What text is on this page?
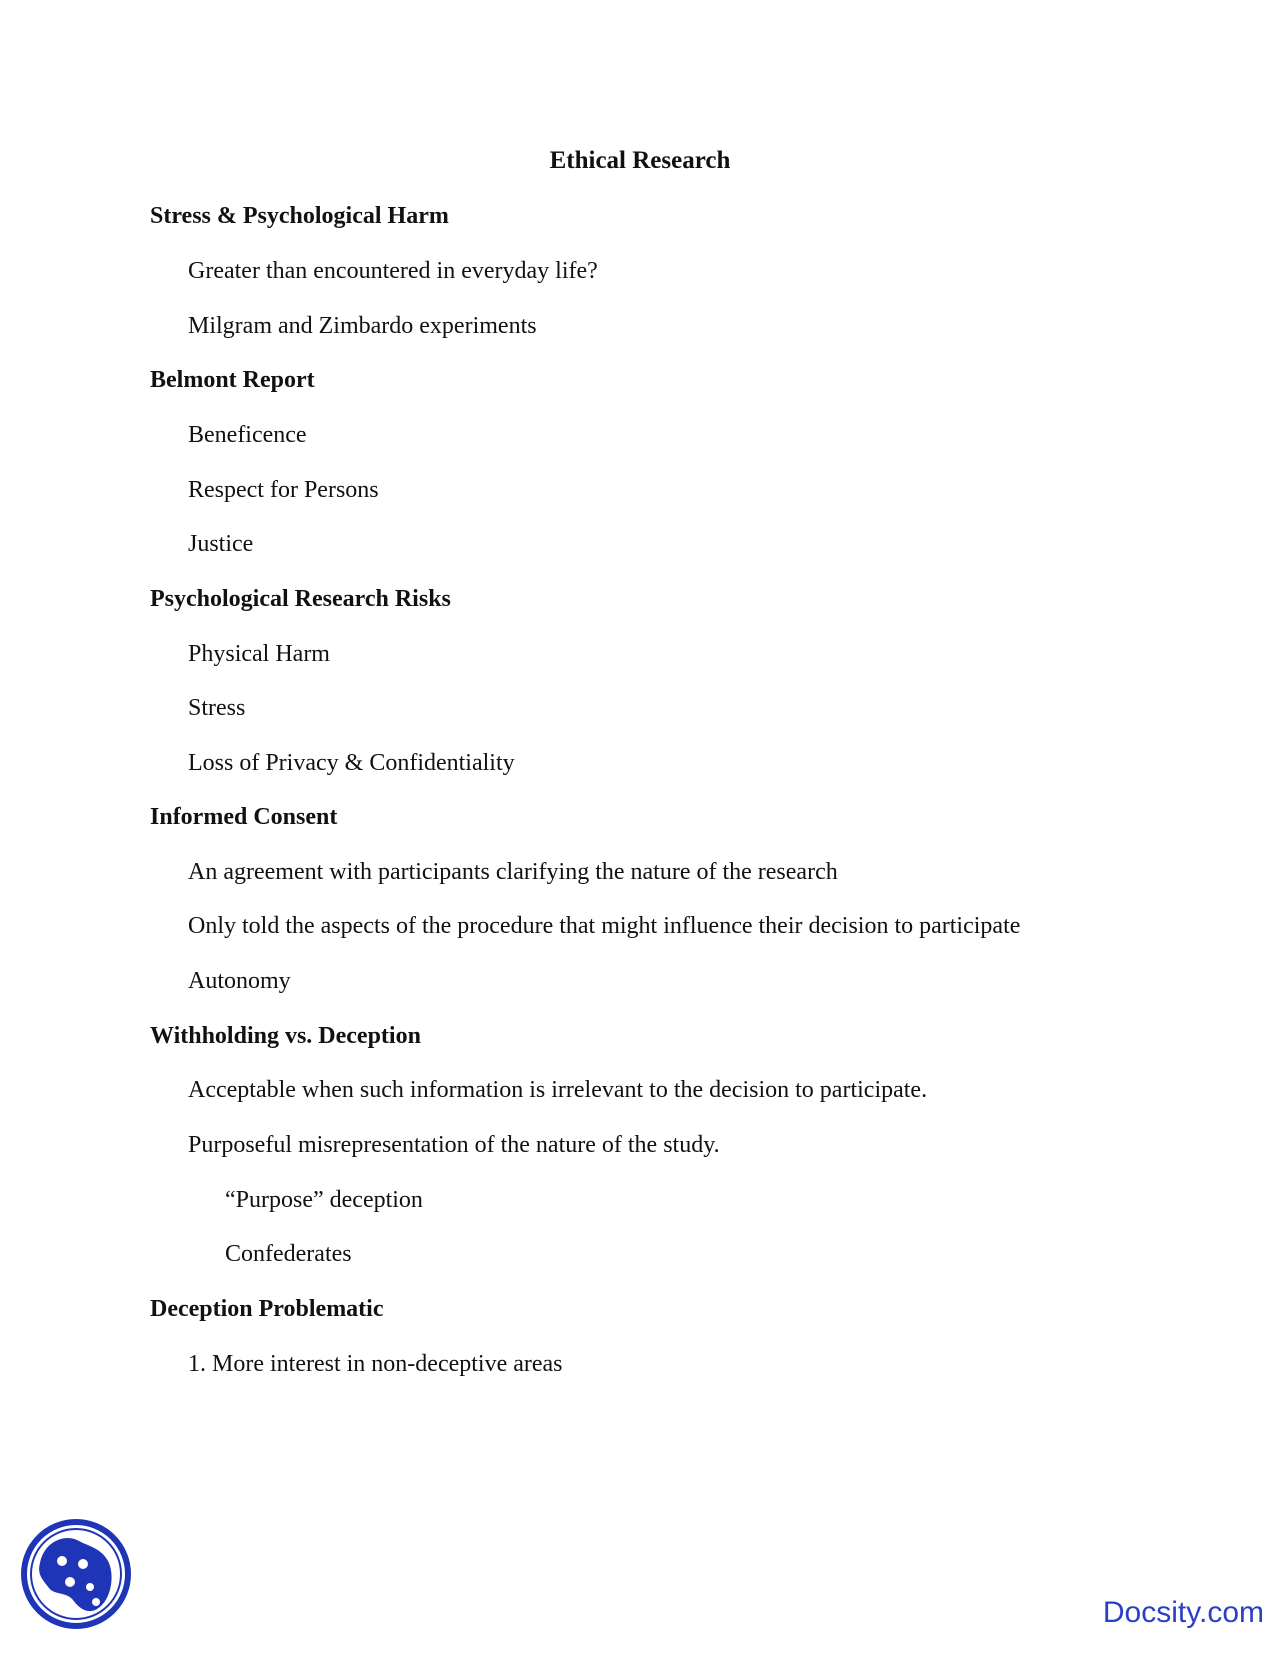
Ethical Research
Stress & Psychological Harm
Greater than encountered in everyday life?
Milgram and Zimbardo experiments
Belmont Report
Beneficence
Respect for Persons
Justice
Psychological Research Risks
Physical Harm
Stress
Loss of Privacy & Confidentiality
Informed Consent
An agreement with participants clarifying the nature of the research
Only told the aspects of the procedure that might influence their decision to participate
Autonomy
Withholding vs. Deception
Acceptable when such information is irrelevant to the decision to participate.
Purposeful misrepresentation of the nature of the study.
“Purpose” deception
Confederates
Deception Problematic
1. More interest in non-deceptive areas
Docsity.com
